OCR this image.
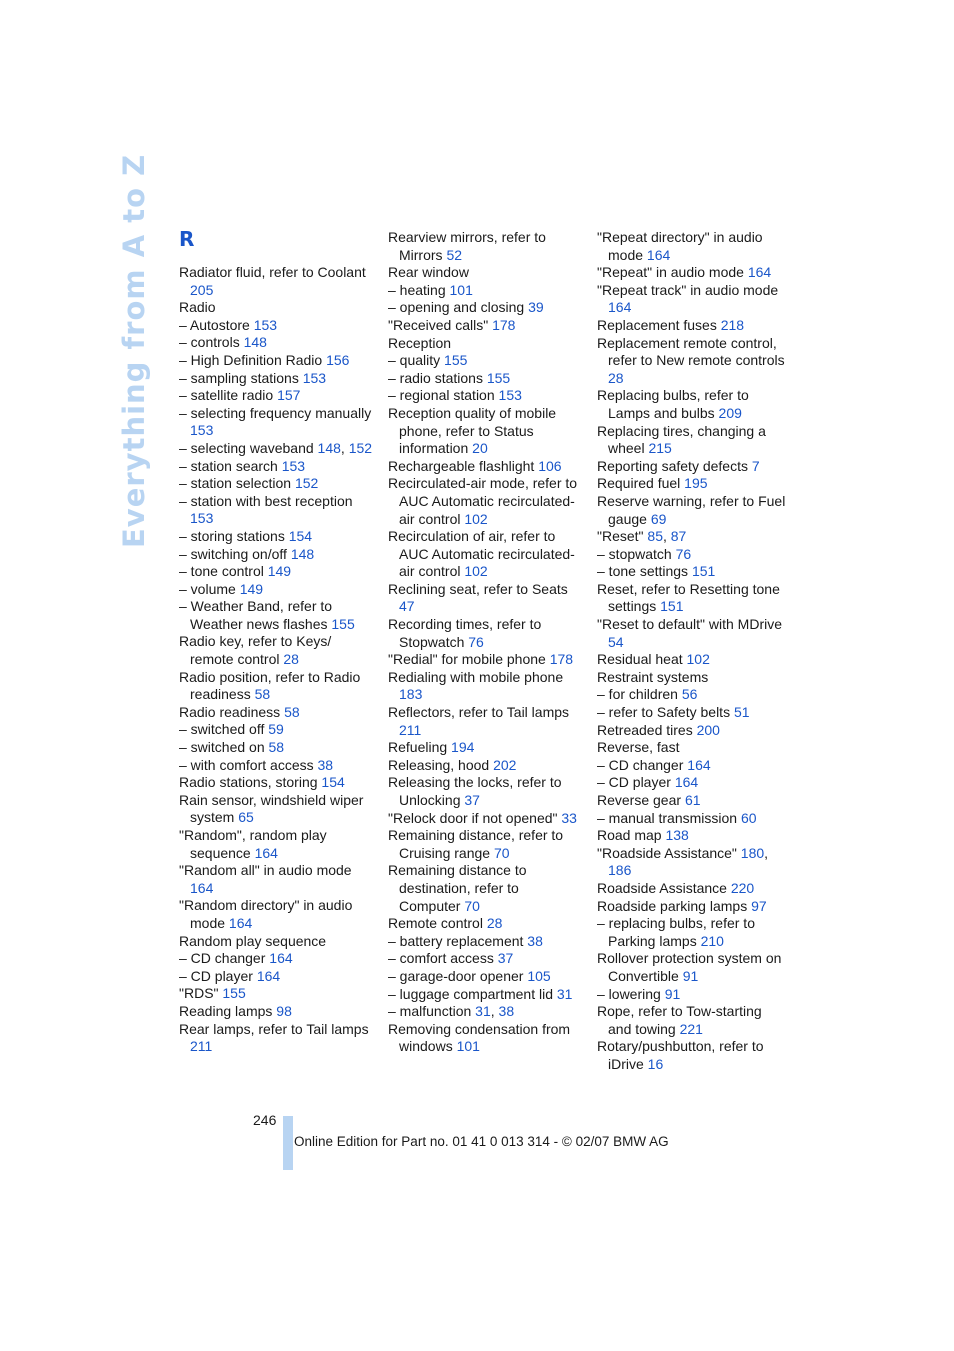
Everything from A to Z R
Radiator fluid, refer to Coolant 205
Radio
– Autostore 153
– controls 148
– High Definition Radio 156
– sampling stations 153
– satellite radio 157
– selecting frequency manually 153
– selecting waveband 148, 152
– station search 153
– station selection 152
– station with best reception 153
– storing stations 154
– switching on/off 148
– tone control 149
– volume 149
– Weather Band, refer to Weather news flashes 155
Radio key, refer to Keys/ remote control 28
Radio position, refer to Radio readiness 58
Radio readiness 58
– switched off 59
– switched on 58
– with comfort access 38
Radio stations, storing 154
Rain sensor, windshield wiper system 65
"Random", random play sequence 164
"Random all" in audio mode 164
"Random directory" in audio mode 164
Random play sequence
– CD changer 164
– CD player 164
"RDS" 155
Reading lamps 98
Rear lamps, refer to Tail lamps 211
Rearview mirrors, refer to Mirrors 52
Rear window
– heating 101
– opening and closing 39
"Received calls" 178
Reception
– quality 155
– radio stations 155
– regional station 153
Reception quality of mobile phone, refer to Status information 20
Rechargeable flashlight 106
Recirculated-air mode, refer to AUC Automatic recirculated-air control 102
Recirculation of air, refer to AUC Automatic recirculated-air control 102
Reclining seat, refer to Seats 47
Recording times, refer to Stopwatch 76
"Redial" for mobile phone 178
Redialing with mobile phone 183
Reflectors, refer to Tail lamps 211
Refueling 194
Releasing, hood 202
Releasing the locks, refer to Unlocking 37
"Relock door if not opened" 33
Remaining distance, refer to Cruising range 70
Remaining distance to destination, refer to Computer 70
Remote control 28
– battery replacement 38
– comfort access 37
– garage-door opener 105
– luggage compartment lid 31
– malfunction 31, 38
Removing condensation from windows 101
"Repeat directory" in audio mode 164
"Repeat" in audio mode 164
"Repeat track" in audio mode 164
Replacement fuses 218
Replacement remote control, refer to New remote controls 28
Replacing bulbs, refer to Lamps and bulbs 209
Replacing tires, changing a wheel 215
Reporting safety defects 7
Required fuel 195
Reserve warning, refer to Fuel gauge 69
"Reset" 85, 87
– stopwatch 76
– tone settings 151
Reset, refer to Resetting tone settings 151
"Reset to default" with MDrive 54
Residual heat 102
Restraint systems
– for children 56
– refer to Safety belts 51
Retreaded tires 200
Reverse, fast
– CD changer 164
– CD player 164
Reverse gear 61
– manual transmission 60
Road map 138
"Roadside Assistance" 180, 186
Roadside Assistance 220
Roadside parking lamps 97
– replacing bulbs, refer to Parking lamps 210
Rollover protection system on Convertible 91
– lowering 91
Rope, refer to Tow-starting and towing 221
Rotary/pushbutton, refer to iDrive 16
246
Online Edition for Part no. 01 41 0 013 314 - © 02/07 BMW AG
